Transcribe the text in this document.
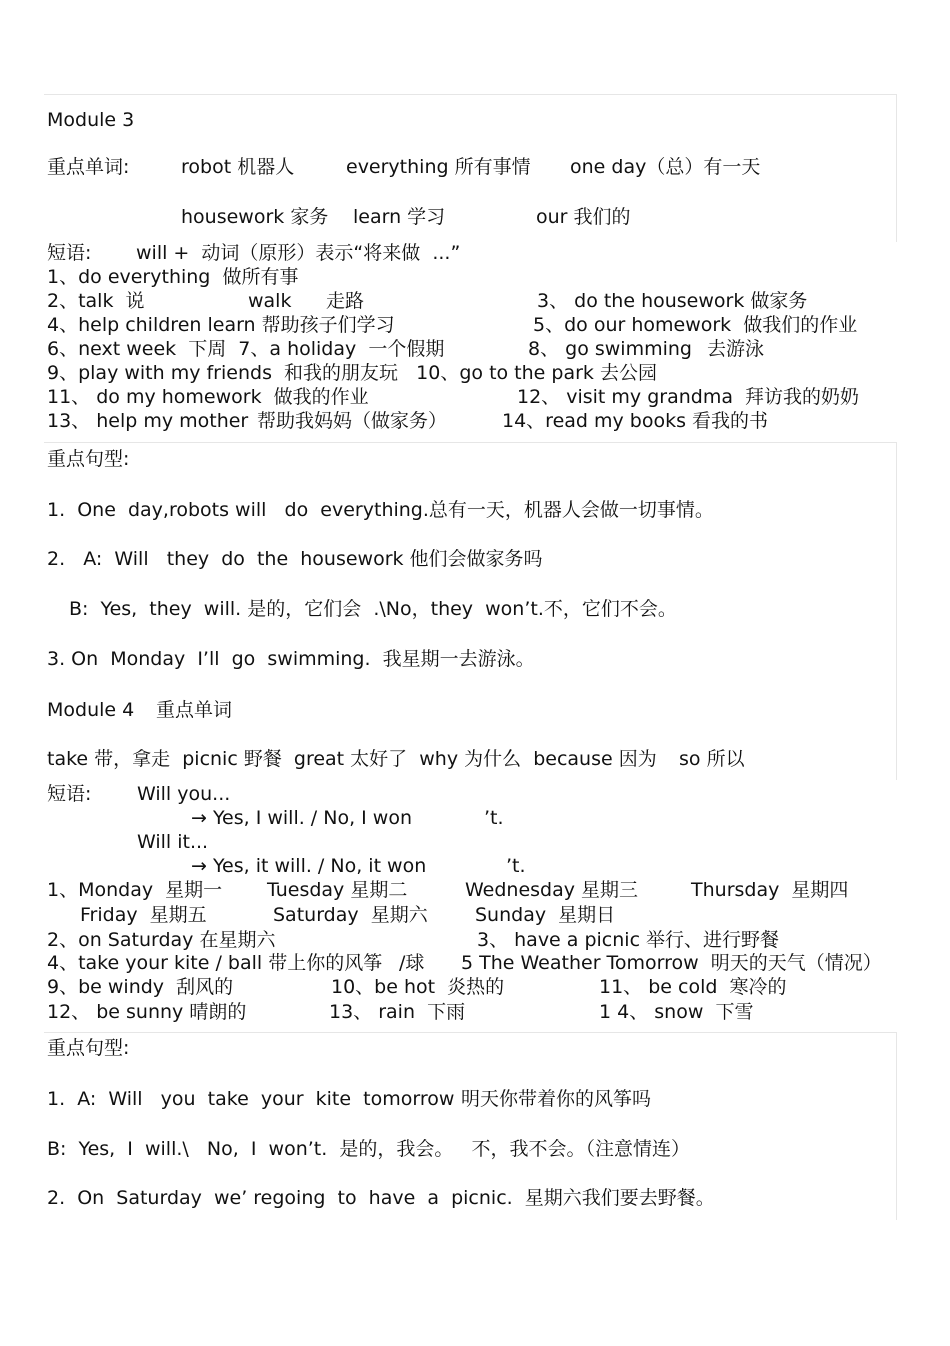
Module 3
重点单词:	robot 机器人	everything 所有事情 one day（总）有一天
housework 家务 learn 学习	our 我们的
短语: will +  动词（原形）表示“将来做  ...”
1、do everything  做所有事
2、talk  说	walk 走路	3、 do the housework 做家务
4、help children learn 帮助孩子们学习	5、do our homework  做我们的作业
6、next week  下周  7、a holiday  一个假期	8、 go swimming 去游泳
9、play with my friends  和我的朋友玩   10、go to the park 去公园
11、 do my homework  做我的作业	12、 visit my grandma  拜访我的奶奶
13、 help my mother 帮助我妈妈（做家务）	14、read my books 看我的书
重点句型:
1.  One  day,robots will   do  everything.总有一天，机器人会做一切事情。
2.   A:  Will   they  do  the  housework 他们会做家务吗
B:  Yes,  they  will. 是的，它们会  .\No，they  won’t.不，它们不会。
3. On  Monday  I’ll  go  swimming.  我星期一去游泳。
Module 4 重点单词
take 带，拿走  picnic 野餐  great 太好了  why 为什么  because 因为 so 所以
短语: Will you...
→ Yes, I will. / No, I won	’t.
Will it...
→ Yes, it will. / No, it won	’t.
1、Monday  星期一 Tuesday 星期二	Wednesday 星期三	Thursday  星期四
Friday  星期五	Saturday  星期六 Sunday  星期日
2、on Saturday 在星期六	3、 have a picnic 举行、进行野餐
4、take your kite / ball 带上你的风筝 /球 5 The Weather Tomorrow  明天的天气（情况）
9、be windy  刮风的	10、be hot  炎热的	11、 be cold  寒冷的
12、 be sunny 晴朗的	13、 rain  下雨	1 4、 snow  下雪
重点句型:
1.  A:  Will   you  take  your  kite  tomorrow 明天你带着你的风筝吗
B:  Yes,  I  will.\   No,  I  won’t.  是的，我会。   不，我不会。（注意情连）
2.  On  Saturday  we’ regoing  to  have  a  picnic.  星期六我们要去野餐。
